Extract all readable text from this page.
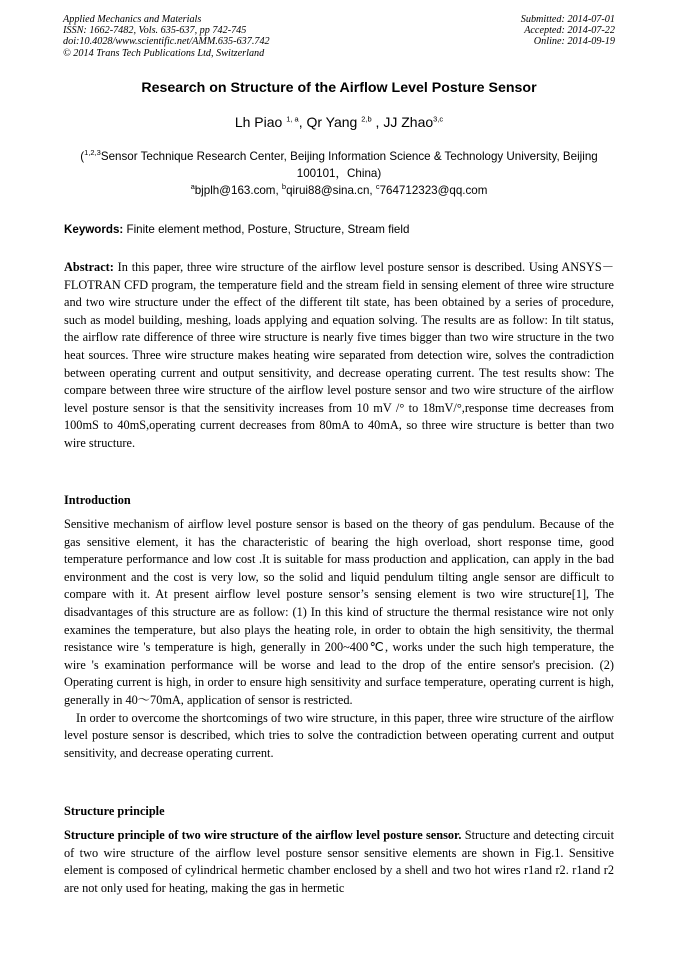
Applied Mechanics and Materials
ISSN: 1662-7482, Vols. 635-637, pp 742-745
doi:10.4028/www.scientific.net/AMM.635-637.742
© 2014 Trans Tech Publications Ltd, Switzerland
Submitted: 2014-07-01
Accepted: 2014-07-22
Online: 2014-09-19
Research on Structure of the Airflow Level Posture Sensor
Lh Piao $^{1, a}$, Qr Yang $^{2,b}$ , JJ Zhao$^{3,c}$
($^{1,2,3}$Sensor Technique Research Center, Beijing Information Science & Technology University, Beijing 100101，China)
$^a$bjplh@163.com, $^b$qirui88@sina.cn, $^c$764712323@qq.com
Keywords: Finite element method, Posture, Structure, Stream field
Abstract: In this paper, three wire structure of the airflow level posture sensor is described. Using ANSYS－FLOTRAN CFD program, the temperature field and the stream field in sensing element of three wire structure and two wire structure under the effect of the different tilt state, has been obtained by a series of procedure, such as model building, meshing, loads applying and equation solving. The results are as follow: In tilt status, the airflow rate difference of three wire structure is nearly five times bigger than two wire structure in the two heat sources. Three wire structure makes heating wire separated from detection wire, solves the contradiction between operating current and output sensitivity, and decrease operating current. The test results show: The compare between three wire structure of the airflow level posture sensor and two wire structure of the airflow level posture sensor is that the sensitivity increases from 10 mV /° to 18mV/°,response time decreases from 100mS to 40mS,operating current decreases from 80mA to 40mA, so three wire structure is better than two wire structure.
Introduction

Sensitive mechanism of airflow level posture sensor is based on the theory of gas pendulum. Because of the gas sensitive element, it has the characteristic of bearing the high overload, short response time, good temperature performance and low cost .It is suitable for mass production and application, can apply in the bad environment and the cost is very low, so the solid and liquid pendulum tilting angle sensor are difficult to compare with it. At present airflow level posture sensor’s sensing element is two wire structure[1], The disadvantages of this structure are as follow: (1) In this kind of structure the thermal resistance wire not only examines the temperature, but also plays the heating role, in order to obtain the high sensitivity, the thermal resistance wire 's temperature is high, generally in 200~400℃, works under the such high temperature, the wire 's examination performance will be worse and lead to the drop of the entire sensor's precision. (2) Operating current is high, in order to ensure high sensitivity and surface temperature, operating current is high, generally in 40～70mA, application of sensor is restricted.

In order to overcome the shortcomings of two wire structure, in this paper, three wire structure of the airflow level posture sensor is described, which tries to solve the contradiction between operating current and output sensitivity, and decrease operating current.

Structure principle
Structure principle of two wire structure of the airflow level posture sensor. Structure and detecting circuit of two wire structure of the airflow level posture sensor sensitive elements are shown in Fig.1. Sensitive element is composed of cylindrical hermetic chamber enclosed by a shell and two hot wires r1and r2. r1and r2 are not only used for heating, making the gas in hermetic
